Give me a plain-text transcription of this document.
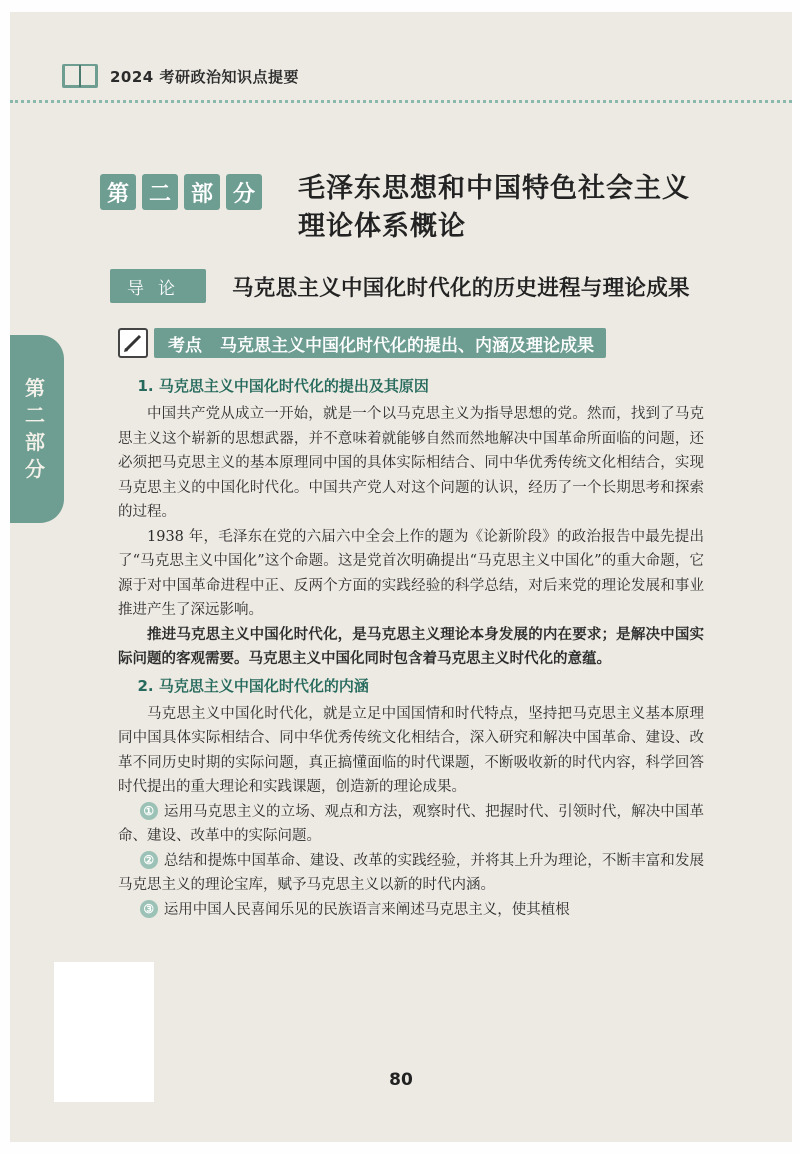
2024 考研政治知识点提要
第
二
部
分
第 二 部 分 毛泽东思想和中国特色社会主义
理论体系概论
导论	马克思主义中国化时代化的历史进程与理论成果
考点 马克思主义中国化时代化的提出、内涵及理论成果
1. 马克思主义中国化时代化的提出及其原因

中国共产党从成立一开始，就是一个以马克思主义为指导思想的党。然而，找到了马克思主义这个崭新的思想武器，并不意味着就能够自然而然地解决中国革命所面临的问题，还必须把马克思主义的基本原理同中国的具体实际相结合、同中华优秀传统文化相结合，实现马克思主义的中国化时代化。中国共产党人对这个问题的认识，经历了一个长期思考和探索的过程。

1938 年，毛泽东在党的六届六中全会上作的题为《论新阶段》的政治报告中最先提出了“马克思主义中国化”这个命题。这是党首次明确提出“马克思主义中国化”的重大命题，它源于对中国革命进程中正、反两个方面的实践经验的科学总结，对后来党的理论发展和事业推进产生了深远影响。

推进马克思主义中国化时代化，是马克思主义理论本身发展的内在要求；是解决中国实际问题的客观需要。马克思主义中国化同时包含着马克思主义时代化的意蕴。

2. 马克思主义中国化时代化的内涵

马克思主义中国化时代化，就是立足中国国情和时代特点，坚持把马克思主义基本原理同中国具体实际相结合、同中华优秀传统文化相结合，深入研究和解决中国革命、建设、改革不同历史时期的实际问题，真正搞懂面临的时代课题，不断吸收新的时代内容，科学回答时代提出的重大理论和实践课题，创造新的理论成果。

① 运用马克思主义的立场、观点和方法，观察时代、把握时代、引领时代，解决中国革命、建设、改革中的实际问题。

② 总结和提炼中国革命、建设、改革的实践经验，并将其上升为理论，不断丰富和发展马克思主义的理论宝库，赋予马克思主义以新的时代内涵。

③ 运用中国人民喜闻乐见的民族语言来阐述马克思主义，使其植根

80
